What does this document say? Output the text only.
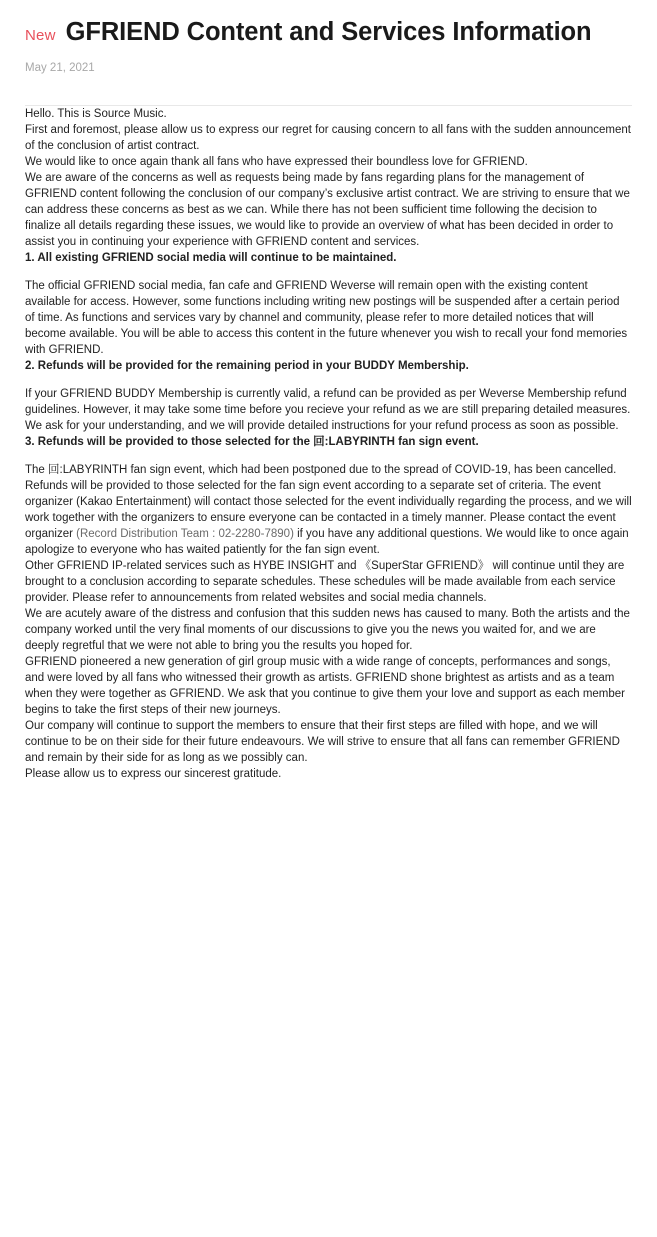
New GFRIEND Content and Services Information
May 21, 2021

Hello. This is Source Music.

First and foremost, please allow us to express our regret for causing concern to all fans with the sudden announcement of the conclusion of artist contract.

We would like to once again thank all fans who have expressed their boundless love for GFRIEND.

We are aware of the concerns as well as requests being made by fans regarding plans for the management of GFRIEND content following the conclusion of our company’s exclusive artist contract. We are striving to ensure that we can address these concerns as best as we can. While there has not been sufficient time following the decision to finalize all details regarding these issues, we would like to provide an overview of what has been decided in order to assist you in continuing your experience with GFRIEND content and services.

1. All existing GFRIEND social media will continue to be maintained.

The official GFRIEND social media, fan cafe and GFRIEND Weverse will remain open with the existing content available for access. However, some functions including writing new postings will be suspended after a certain period of time. As functions and services vary by channel and community, please refer to more detailed notices that will become available. You will be able to access this content in the future whenever you wish to recall your fond memories with GFRIEND.

2. Refunds will be provided for the remaining period in your BUDDY Membership.

If your GFRIEND BUDDY Membership is currently valid, a refund can be provided as per Weverse Membership refund guidelines. However, it may take some time before you recieve your refund as we are still preparing detailed measures. We ask for your understanding, and we will provide detailed instructions for your refund process as soon as possible.

3. Refunds will be provided to those selected for the 回:LABYRINTH fan sign event.

The 回:LABYRINTH fan sign event, which had been postponed due to the spread of COVID-19, has been cancelled. Refunds will be provided to those selected for the fan sign event according to a separate set of criteria. The event organizer (Kakao Entertainment) will contact those selected for the event individually regarding the process, and we will work together with the organizers to ensure everyone can be contacted in a timely manner. Please contact the event organizer (Record Distribution Team : 02-2280-7890) if you have any additional questions. We would like to once again apologize to everyone who has waited patiently for the fan sign event.

Other GFRIEND IP-related services such as HYBE INSIGHT and 《SuperStar GFRIEND》 will continue until they are brought to a conclusion according to separate schedules. These schedules will be made available from each service provider. Please refer to announcements from related websites and social media channels.

We are acutely aware of the distress and confusion that this sudden news has caused to many. Both the artists and the company worked until the very final moments of our discussions to give you the news you waited for, and we are deeply regretful that we were not able to bring you the results you hoped for.

GFRIEND pioneered a new generation of girl group music with a wide range of concepts, performances and songs, and were loved by all fans who witnessed their growth as artists. GFRIEND shone brightest as artists and as a team when they were together as GFRIEND. We ask that you continue to give them your love and support as each member begins to take the first steps of their new journeys.

Our company will continue to support the members to ensure that their first steps are filled with hope, and we will continue to be on their side for their future endeavours. We will strive to ensure that all fans can remember GFRIEND and remain by their side for as long as we possibly can.

Please allow us to express our sincerest gratitude.
